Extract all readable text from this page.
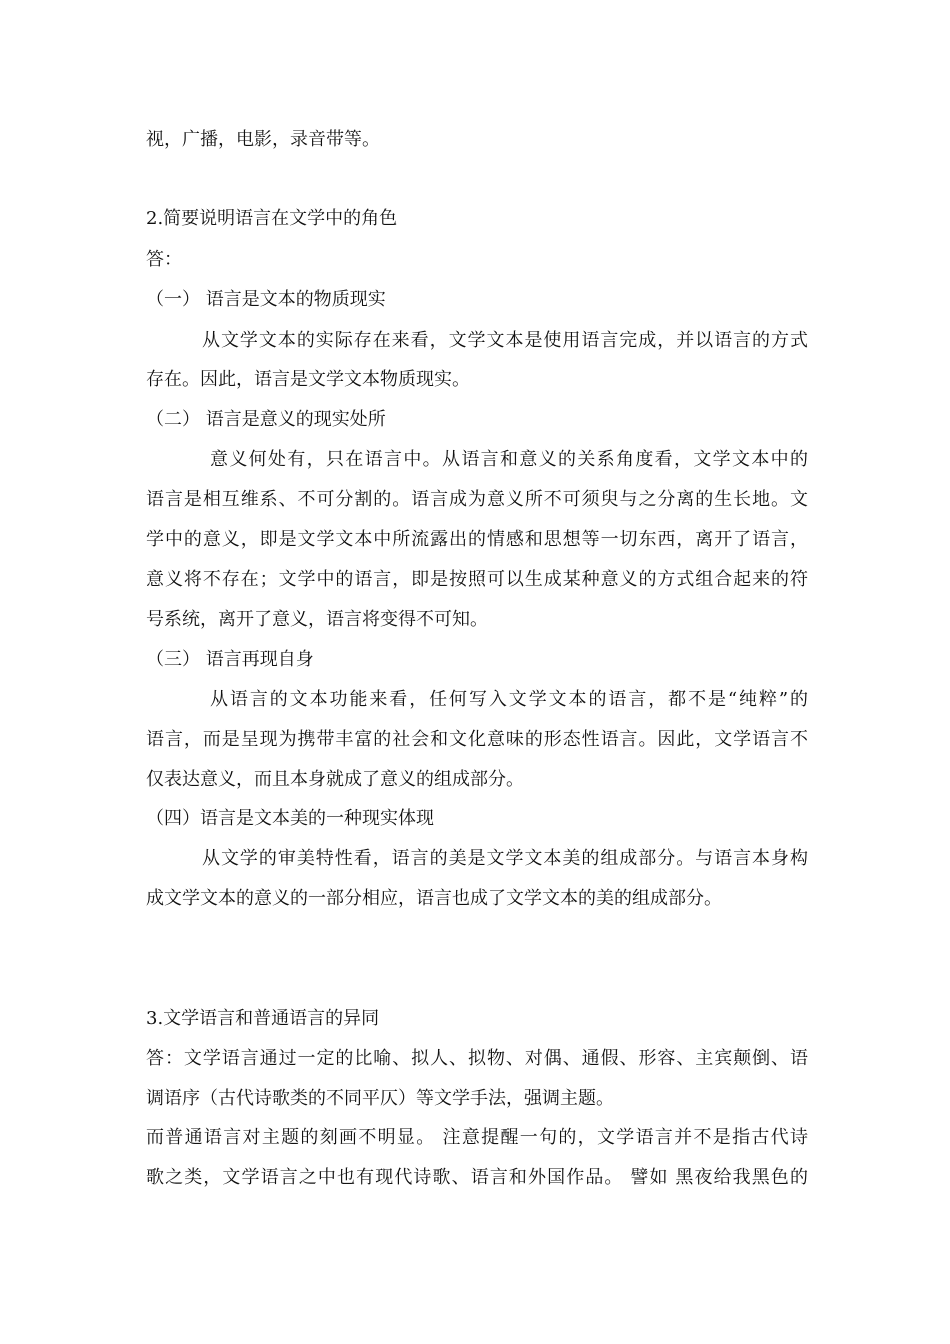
视，广播，电影，录音带等。
2.简要说明语言在文学中的角色
答：
（一） 语言是文本的物质现实
从文学文本的实际存在来看，文学文本是使用语言完成，并以语言的方式
存在。因此，语言是文学文本物质现实。
（二） 语言是意义的现实处所
意义何处有，只在语言中。从语言和意义的关系角度看，文学文本中的
语言是相互维系、不可分割的。语言成为意义所不可须臾与之分离的生长地。文
学中的意义，即是文学文本中所流露出的情感和思想等一切东西，离开了语言，
意义将不存在；文学中的语言，即是按照可以生成某种意义的方式组合起来的符
号系统，离开了意义，语言将变得不可知。
（三） 语言再现自身
从语言的文本功能来看，任何写入文学文本的语言，都不是“纯粹”的
语言，而是呈现为携带丰富的社会和文化意味的形态性语言。因此，文学语言不
仅表达意义，而且本身就成了意义的组成部分。
（四）语言是文本美的一种现实体现
从文学的审美特性看，语言的美是文学文本美的组成部分。与语言本身构
成文学文本的意义的一部分相应，语言也成了文学文本的美的组成部分。
3.文学语言和普通语言的异同
答：文学语言通过一定的比喻、拟人、拟物、对偶、通假、形容、主宾颠倒、语
调语序（古代诗歌类的不同平仄）等文学手法，强调主题。
而普通语言对主题的刻画不明显。 注意提醒一句的，文学语言并不是指古代诗
歌之类，文学语言之中也有现代诗歌、语言和外国作品。 譬如 黑夜给我黑色的
